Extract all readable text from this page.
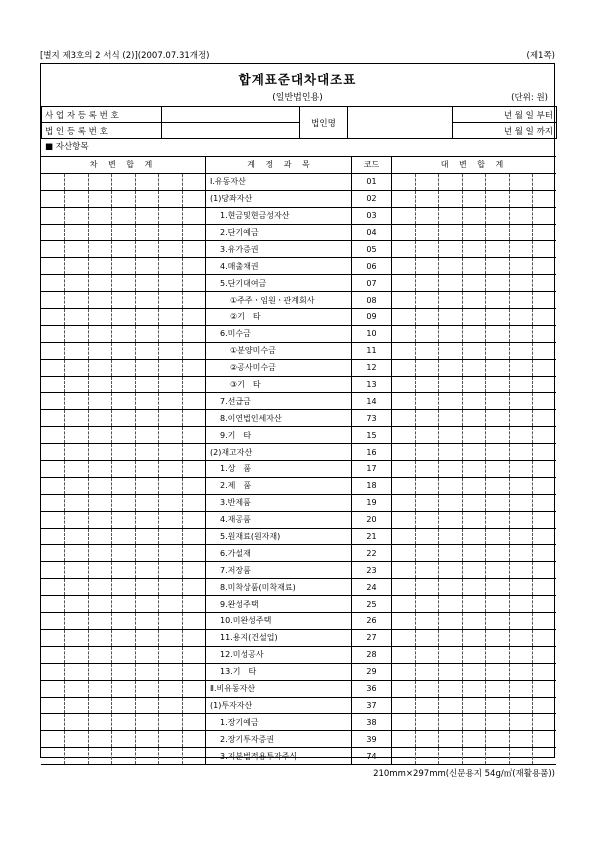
[별지 제3호의 2 서식 (2)](2007.07.31개정)	(제1쪽)
합계표준대차대조표
(일반법인용)	(단위: 원)
사 업 자 등 록 번 호		법인명		년 월 일 부터
법 인 등 록 번 호				년 월 일 까지
■ 자산항목
차 변 합 계							계 정 과 목	코드	대 변 합 계						
							Ⅰ.유동자산	01							
							(1)당좌자산	02							
							1.현금및현금성자산	03							
							2.단기예금	04							
							3.유가증권	05							
							4.매출채권	06							
							5.단기대여금	07							
							①주주ㆍ임원ㆍ관계회사	08							
							②기　타	09							
							6.미수금	10							
							①분양미수금	11							
							②공사미수금	12							
							③기　타	13							
							7.선급금	14							
							8.이연법인세자산	73							
							9.기　타	15							
							(2)재고자산	16							
							1.상　품	17							
							2.제　품	18							
							3.반제품	19							
							4.재공품	20							
							5.원재료(원자재)	21							
							6.가설재	22							
							7.저장품	23							
							8.미착상품(미착재료)	24							
							9.완성주택	25							
							10.미완성주택	26							
							11.용지(건설업)	27							
							12.미성공사	28							
							13.기　타	29							
							Ⅱ.비유동자산	36							
							(1)투자자산	37							
							1.장기예금	38							
							2.장기투자증권	39							
							3.지분법적용투자주식	74							
210mm×297mm(신문용지 54g/㎡(재활용품))
